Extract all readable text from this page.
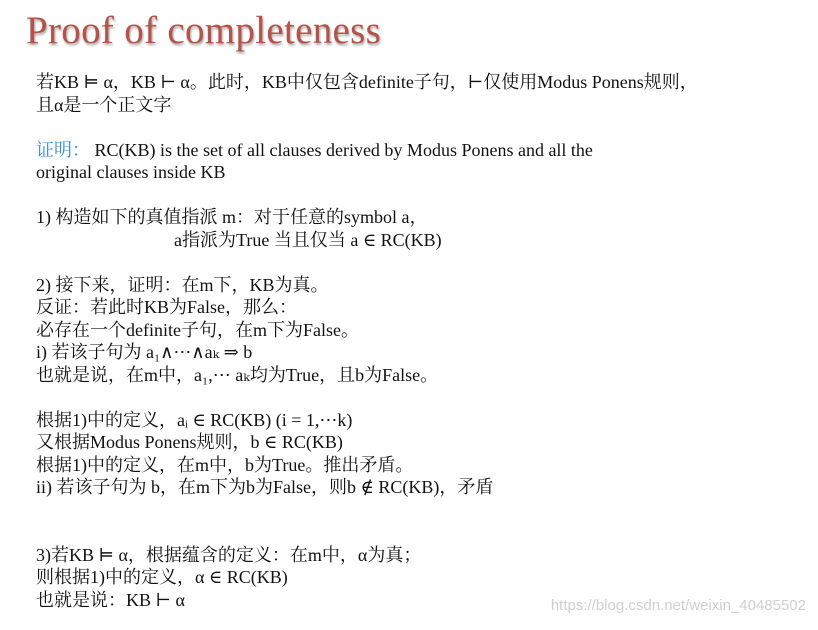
Proof of completeness
若KB ⊨ α，KB ⊢ α。此时，KB中仅包含definite子句，⊢仅使用Modus Ponens规则，
且α是一个正文字
证明： RC(KB) is the set of all clauses derived by Modus Ponens and all the
original clauses inside KB
1) 构造如下的真值指派 m：对于任意的symbol a，
a指派为True 当且仅当 a ∈ RC(KB)
2) 接下来，证明：在m下，KB为真。
反证：若此时KB为False，那么：
必存在一个definite子句，在m下为False。
i) 若该子句为 a₁∧⋯∧aₖ ⇒ b
也就是说，在m中，a₁,⋯ aₖ均为True，且b为False。
根据1)中的定义，aᵢ ∈ RC(KB) (i = 1,⋯k)
又根据Modus Ponens规则，b ∈ RC(KB)
根据1)中的定义，在m中，b为True。推出矛盾。
ii) 若该子句为 b，在m下为b为False，则b ∉ RC(KB)，矛盾
3)若KB ⊨ α，根据蕴含的定义：在m中，α为真；
则根据1)中的定义，α ∈ RC(KB)
也就是说：KB ⊢ α	https://blog.csdn.net/weixin_40485502
